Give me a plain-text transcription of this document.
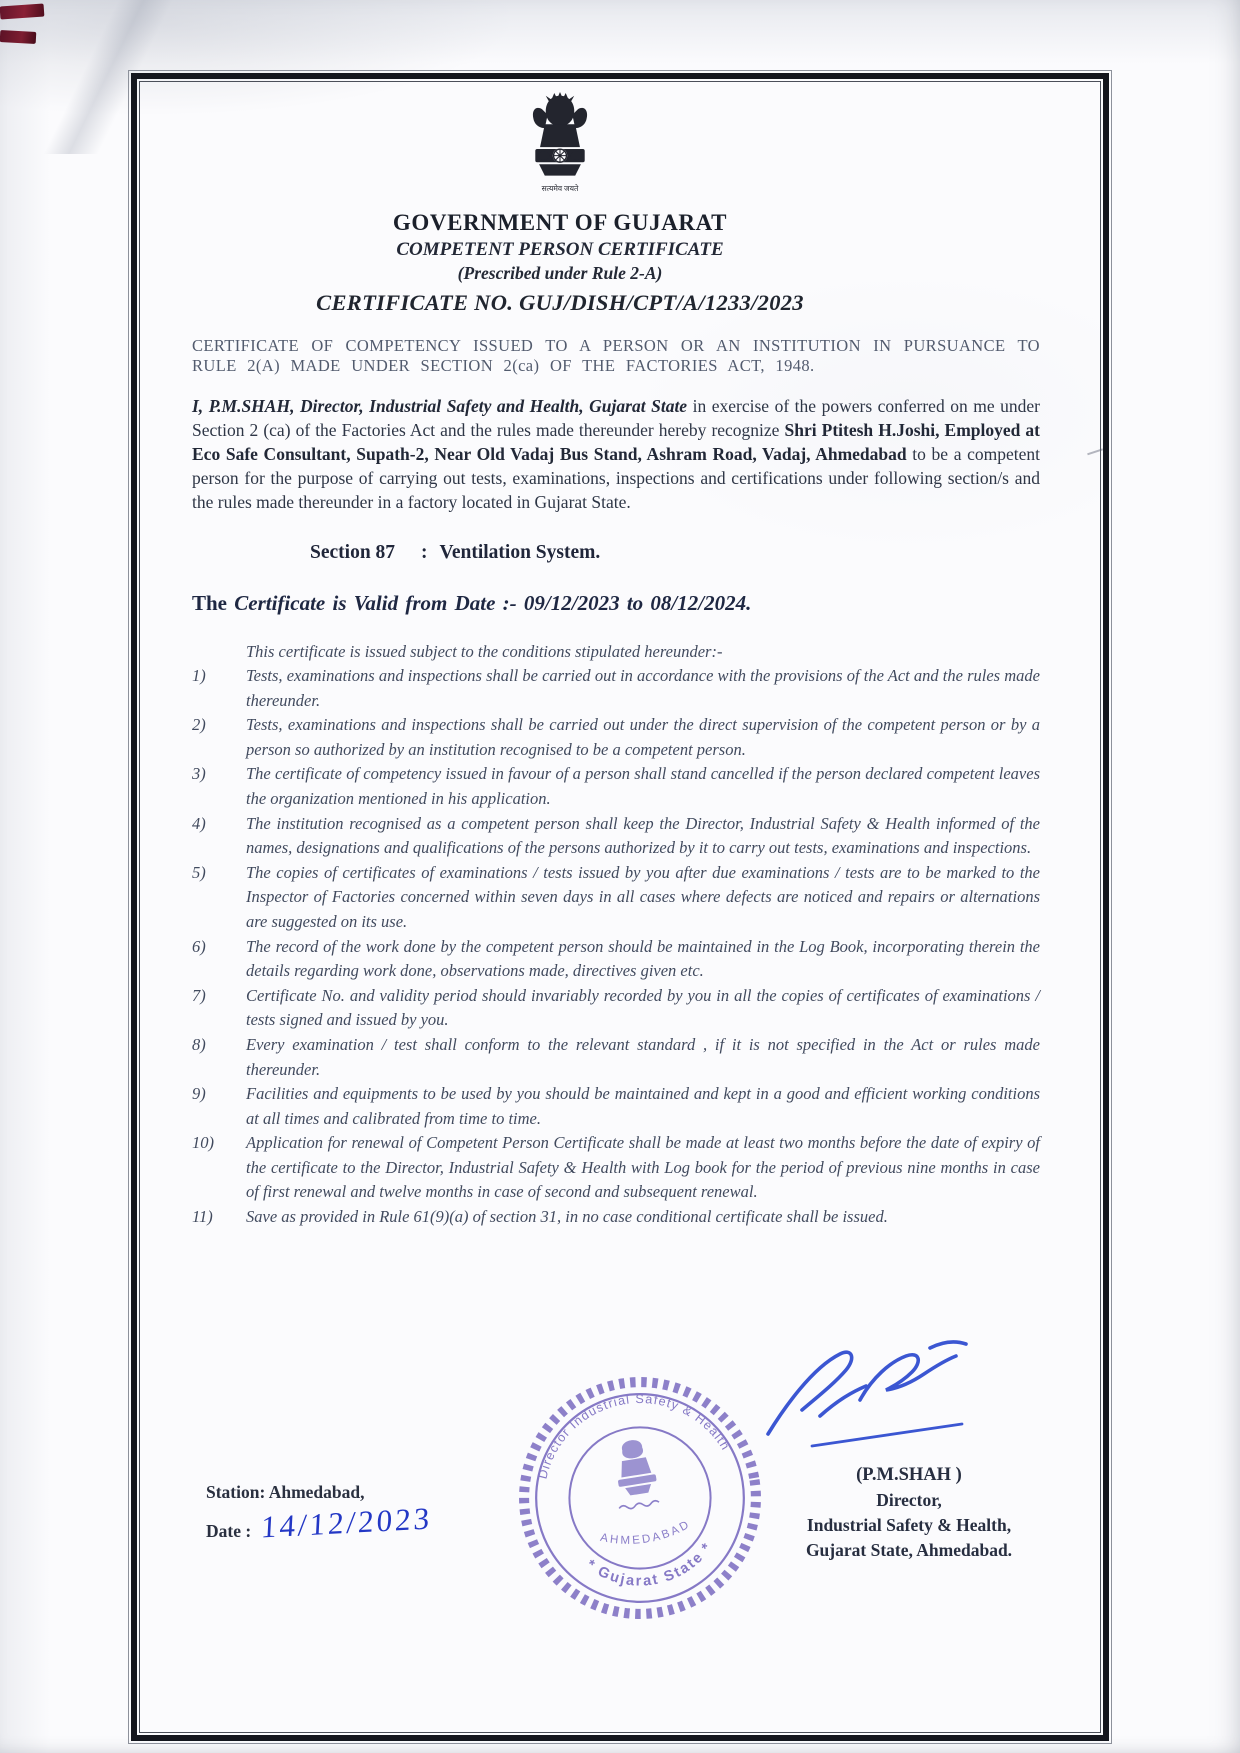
सत्यमेव जयते
GOVERNMENT OF GUJARAT
COMPETENT PERSON CERTIFICATE
(Prescribed under Rule 2-A)
CERTIFICATE NO. GUJ/DISH/CPT/A/1233/2023

CERTIFICATE OF COMPETENCY ISSUED TO A PERSON OR AN INSTITUTION IN PURSUANCE TO RULE 2(A) MADE UNDER SECTION 2(ca) OF THE FACTORIES ACT, 1948.

I, P.M.SHAH, Director, Industrial Safety and Health, Gujarat State in exercise of the powers conferred on me under Section 2 (ca) of the Factories Act and the rules made thereunder hereby recognize Shri Ptitesh H.Joshi, Employed at Eco Safe Consultant, Supath-2, Near Old Vadaj Bus Stand, Ashram Road, Vadaj, Ahmedabad to be a competent person for the purpose of carrying out tests, examinations, inspections and certifications under following section/s and the rules made thereunder in a factory located in Gujarat State.

Section 87 : Ventilation System.

The Certificate is Valid from Date :- 09/12/2023 to 08/12/2024.

This certificate is issued subject to the conditions stipulated hereunder:-

1)	Tests, examinations and inspections shall be carried out in accordance with the provisions of the Act and the rules made thereunder.
2)	Tests, examinations and inspections shall be carried out under the direct supervision of the competent person or by a person so authorized by an institution recognised to be a competent person.
3)	The certificate of competency issued in favour of a person shall stand cancelled if the person declared competent leaves the organization mentioned in his application.
4)	The institution recognised as a competent person shall keep the Director, Industrial Safety & Health informed of the names, designations and qualifications of the persons authorized by it to carry out tests, examinations and inspections.
5)	The copies of certificates of examinations / tests issued by you after due examinations / tests are to be marked to the Inspector of Factories concerned within seven days in all cases where defects are noticed and repairs or alternations are suggested on its use.
6)	The record of the work done by the competent person should be maintained in the Log Book, incorporating therein the details regarding work done, observations made, directives given etc.
7)	Certificate No. and validity period should invariably recorded by you in all the copies of certificates of examinations / tests signed and issued by you.
8)	Every examination / test shall conform to the relevant standard , if it is not specified in the Act or rules made thereunder.
9)	Facilities and equipments to be used by you should be maintained and kept in a good and efficient working conditions at all times and calibrated from time to time.
10)	Application for renewal of Competent Person Certificate shall be made at least two months before the date of expiry of the certificate to the Director, Industrial Safety & Health with Log book for the period of previous nine months in case of first renewal and twelve months in case of second and subsequent renewal.
11)	Save as provided in Rule 61(9)(a) of section 31, in no case conditional certificate shall be issued.
Station: Ahmedabad,
Date : 14/12/2023
Director Industrial Safety & Health
* Gujarat State *
AHMEDABAD
(P.M.SHAH )
Director,
Industrial Safety & Health,
Gujarat State, Ahmedabad.
